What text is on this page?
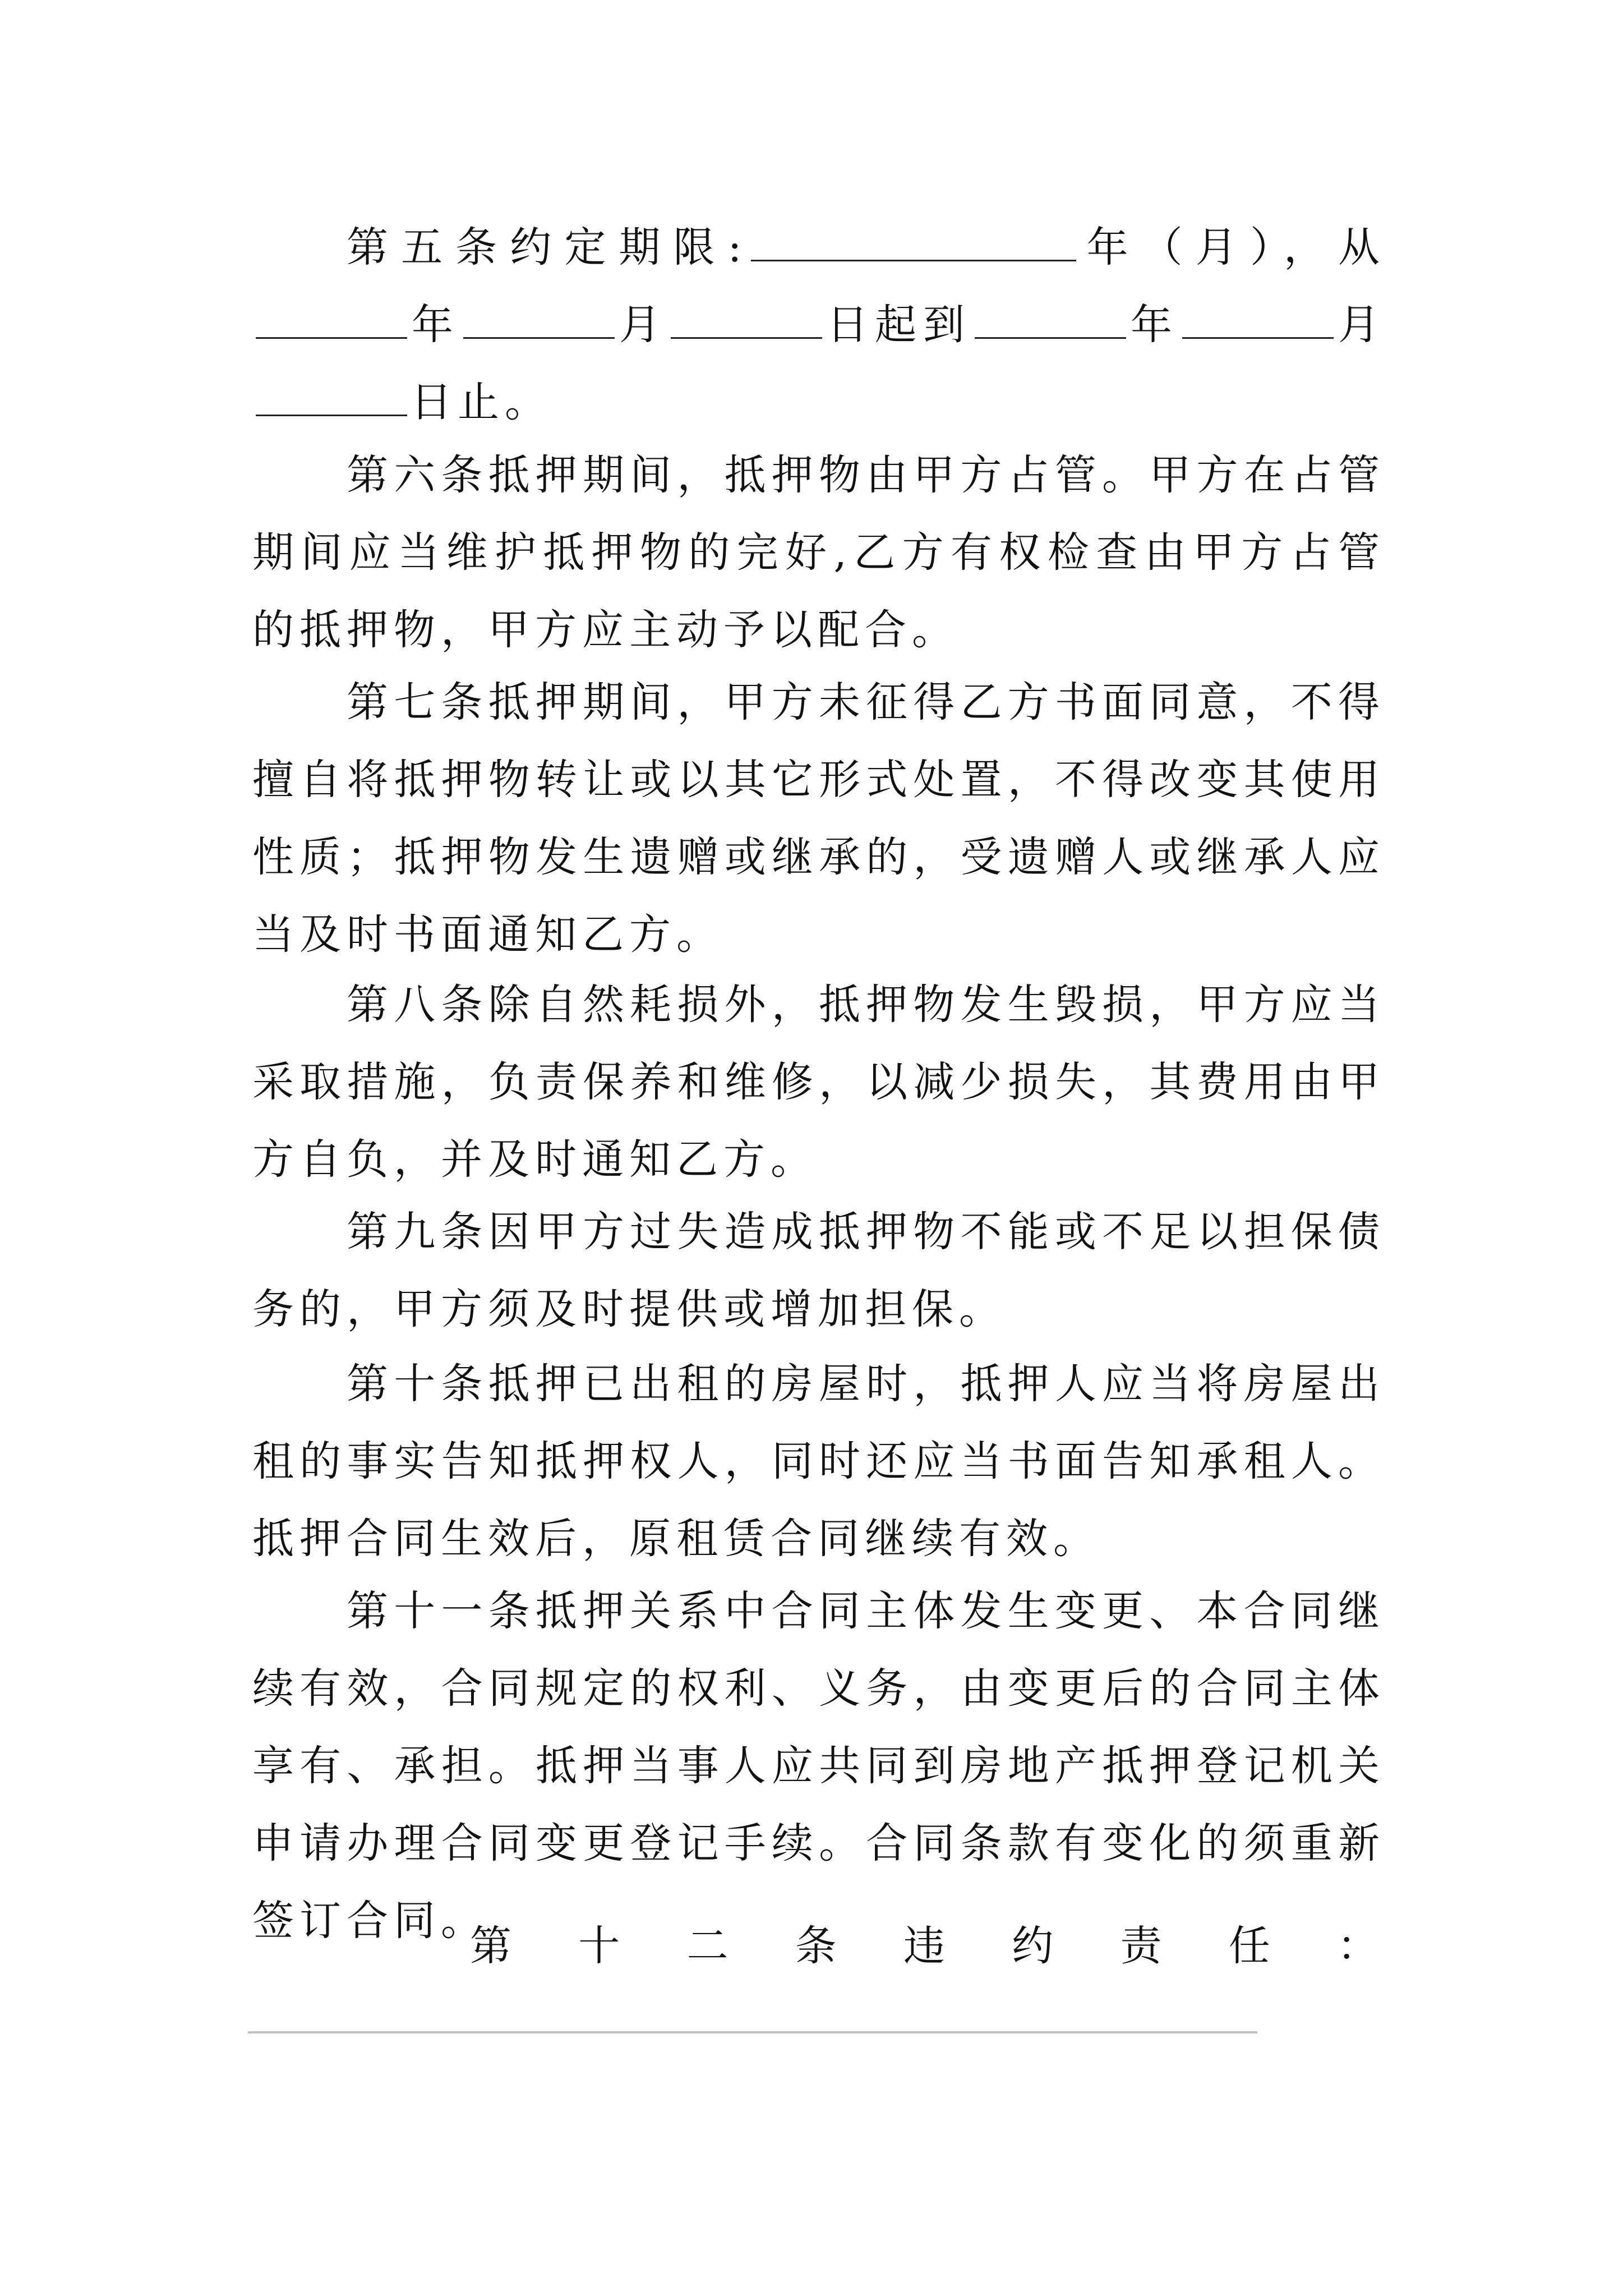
第五条约定期限:	年（月），从年	月	日起到	年	月日止。

第六条抵押期间，抵押物由甲方占管。甲方在占管期间应当维护抵押物的完好,乙方有权检查由甲方占管的抵押物，甲方应主动予以配合。

第七条抵押期间，甲方未征得乙方书面同意，不得擅自将抵押物转让或以其它形式处置，不得改变其使用性质；抵押物发生遗赠或继承的，受遗赠人或继承人应当及时书面通知乙方。

第八条除自然耗损外，抵押物发生毁损，甲方应当采取措施，负责保养和维修，以减少损失，其费用由甲方自负，并及时通知乙方。

第九条因甲方过失造成抵押物不能或不足以担保债务的，甲方须及时提供或增加担保。

第十条抵押已出租的房屋时，抵押人应当将房屋出租的事实告知抵押权人，同时还应当书面告知承租人。抵押合同生效后，原租赁合同继续有效。

第十一条抵押关系中合同主体发生变更、本合同继续有效，合同规定的权利、义务，由变更后的合同主体享有、承担。抵押当事人应共同到房地产抵押登记机关申请办理合同变更登记手续。合同条款有变化的须重新签订合同。

第 十 二 条 违 约 责 任 ：
